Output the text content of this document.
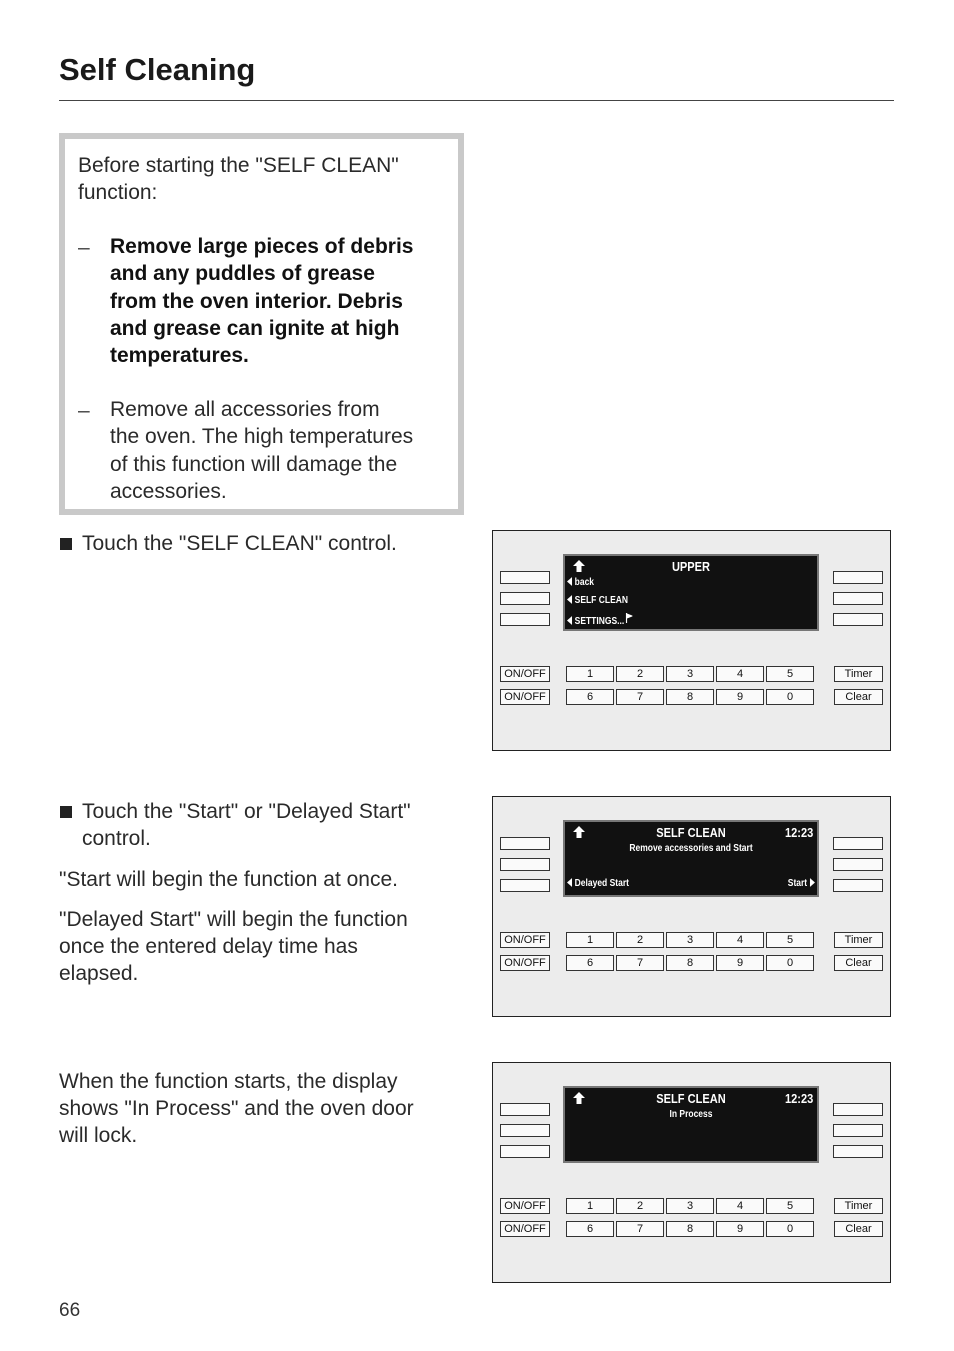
Self Cleaning
Before starting the "SELF CLEAN" function:
– Remove large pieces of debris
and any puddles of grease
from the oven interior. Debris
and grease can ignite at high
temperatures.
– Remove all accessories from
the oven. The high temperatures
of this function will damage the
accessories.

Touch the "SELF CLEAN" control.

Touch the "Start" or "Delayed Start"
control.

"Start will begin the function at once.

"Delayed Start" will begin the function
once the entered delay time has
elapsed.
When the function starts, the display
shows "In Process" and the oven door
will lock.
66
UPPER
back
SELF CLEAN
SETTINGS...
ON/OFF
ON/OFF
1
6
2
7
3
8
4
9
5
0
Timer
Clear
SELF CLEAN	12:23
Remove accessories and Start
Delayed Start	Start
ON/OFF
ON/OFF
1
6
2
7
3
8
4
9
5
0
Timer
Clear
SELF CLEAN	12:23
In Process
ON/OFF
ON/OFF
1
6
2
7
3
8
4
9
5
0
Timer
Clear
